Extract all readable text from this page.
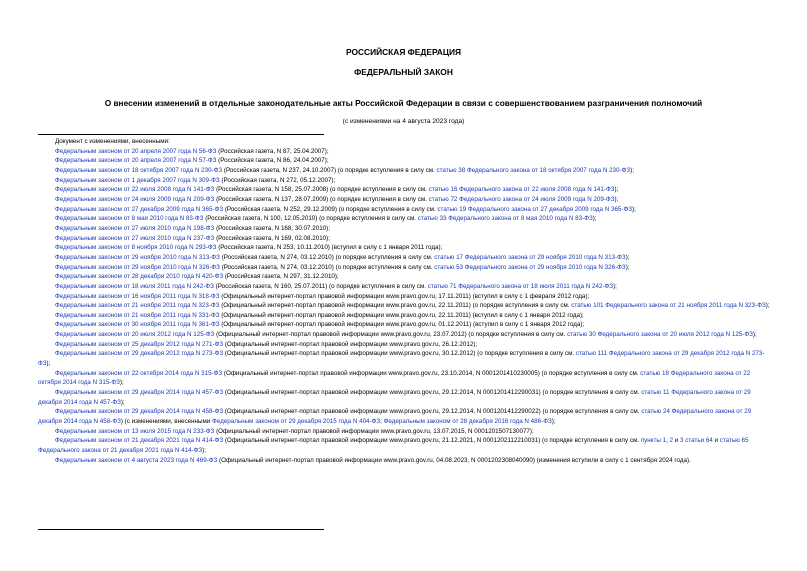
РОССИЙСКАЯ ФЕДЕРАЦИЯ
ФЕДЕРАЛЬНЫЙ ЗАКОН
О внесении изменений в отдельные законодательные акты Российской Федерации в связи с совершенствованием разграничения полномочий
(с изменениями на 4 августа 2023 года)
Документ с изменениями, внесенными:
Федеральным законом от 20 апреля 2007 года N 56-ФЗ (Российская газета, N 87, 25.04.2007);
Федеральным законом от 20 апреля 2007 года N 57-ФЗ (Российская газета, N 86, 24.04.2007);
Федеральным законом от 18 октября 2007 года N 230-ФЗ (Российская газета, N 237, 24.10.2007) (о порядке вступления в силу см. статью 38 Федерального закона от 18 октября 2007 года N 230-ФЗ);
Федеральным законом от 1 декабря 2007 года N 309-ФЗ (Российская газета, N 272, 05.12.2007);
Федеральным законом от 22 июля 2008 года N 141-ФЗ (Российская газета, N 158, 25.07.2008) (о порядке вступления в силу см. статью 16 Федерального закона от 22 июля 2008 года N 141-ФЗ);
Федеральным законом от 24 июля 2009 года N 209-ФЗ (Российская газета, N 137, 28.07.2009) (о порядке вступления в силу см. статью 72 Федерального закона от 24 июля 2009 года N 209-ФЗ);
Федеральным законом от 27 декабря 2009 года N 365-ФЗ (Российская газета, N 252, 29.12.2009) (о порядке вступления в силу см. статью 19 Федерального закона от 27 декабря 2009 года N 365-ФЗ);
Федеральным законом от 8 мая 2010 года N 83-ФЗ (Российская газета, N 100, 12.05.2010) (о порядке вступления в силу см. статью 33 Федерального закона от 8 мая 2010 года N 83-ФЗ);
Федеральным законом от 27 июля 2010 года N 198-ФЗ (Российская газета, N 168, 30.07.2010);
Федеральным законом от 27 июля 2010 года N 237-ФЗ (Российская газета, N 169, 02.08.2010);
Федеральным законом от 8 ноября 2010 года N 293-ФЗ (Российская газета, N 253, 10.11.2010) (вступил в силу с 1 января 2011 года);
Федеральным законом от 29 ноября 2010 года N 313-ФЗ (Российская газета, N 274, 03.12.2010) (о порядке вступления в силу см. статью 17 Федерального закона от 29 ноября 2010 года N 313-ФЗ);
Федеральным законом от 29 ноября 2010 года N 326-ФЗ (Российская газета, N 274, 03.12.2010) (о порядке вступления в силу см. статью 53 Федерального закона от 29 ноября 2010 года N 326-ФЗ);
Федеральным законом от 28 декабря 2010 года N 420-ФЗ (Российская газета, N 297, 31.12.2010);
Федеральным законом от 18 июля 2011 года N 242-ФЗ (Российская газета, N 160, 25.07.2011) (о порядке вступления в силу см. статью 71 Федерального закона от 18 июля 2011 года N 242-ФЗ);
Федеральным законом от 16 ноября 2011 года N 318-ФЗ (Официальный интернет-портал правовой информации www.pravo.gov.ru, 17.11.2011) (вступил в силу с 1 февраля 2012 года);
Федеральным законом от 21 ноября 2011 года N 323-ФЗ (Официальный интернет-портал правовой информации www.pravo.gov.ru, 22.11.2011) (о порядке вступления в силу см. статью 101 Федерального закона от 21 ноября 2011 года N 323-ФЗ);
Федеральным законом от 21 ноября 2011 года N 331-ФЗ (Официальный интернет-портал правовой информации www.pravo.gov.ru, 22.11.2011) (вступил в силу с 1 января 2012 года);
Федеральным законом от 30 ноября 2011 года N 361-ФЗ (Официальный интернет-портал правовой информации www.pravo.gov.ru, 01.12.2011) (вступил в силу с 1 января 2012 года);
Федеральным законом от 20 июля 2012 года N 125-ФЗ (Официальный интернет-портал правовой информации www.pravo.gov.ru, 23.07.2012) (о порядке вступления в силу см. статью 30 Федерального закона от 20 июля 2012 года N 125-ФЗ);
Федеральным законом от 25 декабря 2012 года N 271-ФЗ (Официальный интернет-портал правовой информации www.pravo.gov.ru, 26.12.2012);
Федеральным законом от 29 декабря 2012 года N 273-ФЗ (Официальный интернет-портал правовой информации www.pravo.gov.ru, 30.12.2012) (о порядке вступления в силу см. статью 111 Федерального закона от 29 декабря 2012 года N 273-ФЗ);
Федеральным законом от 22 октября 2014 года N 315-ФЗ (Официальный интернет-портал правовой информации www.pravo.gov.ru, 23.10.2014, N 0001201410230005) (о порядке вступления в силу см. статью 18 Федерального закона от 22 октября 2014 года N 315-ФЗ);
Федеральным законом от 29 декабря 2014 года N 457-ФЗ (Официальный интернет-портал правовой информации www.pravo.gov.ru, 29.12.2014, N 0001201412290031) (о порядке вступления в силу см. статью 11 Федерального закона от 29 декабря 2014 года N 457-ФЗ);
Федеральным законом от 29 декабря 2014 года N 458-ФЗ (Официальный интернет-портал правовой информации www.pravo.gov.ru, 29.12.2014, N 0001201412290022) (о порядке вступления в силу см. статью 24 Федерального закона от 29 декабря 2014 года N 458-ФЗ) (с изменениями, внесенными Федеральным законом от 29 декабря 2015 года N 404-ФЗ; Федеральным законом от 28 декабря 2016 года N 486-ФЗ);
Федеральным законом от 13 июля 2015 года N 233-ФЗ (Официальный интернет-портал правовой информации www.pravo.gov.ru, 13.07.2015, N 0001201507130077);
Федеральным законом от 21 декабря 2021 года N 414-ФЗ (Официальный интернет-портал правовой информации www.pravo.gov.ru, 21.12.2021, N 0001202112210031) (о порядке вступления в силу см. пункты 1, 2 и 3 статьи 64 и статью 65 Федерального закона от 21 декабря 2021 года N 414-ФЗ);
Федеральным законом от 4 августа 2023 года N 469-ФЗ (Официальный интернет-портал правовой информации www.pravo.gov.ru, 04.08.2023, N 0001202308040090) (изменения вступили в силу с 1 сентября 2024 года).
